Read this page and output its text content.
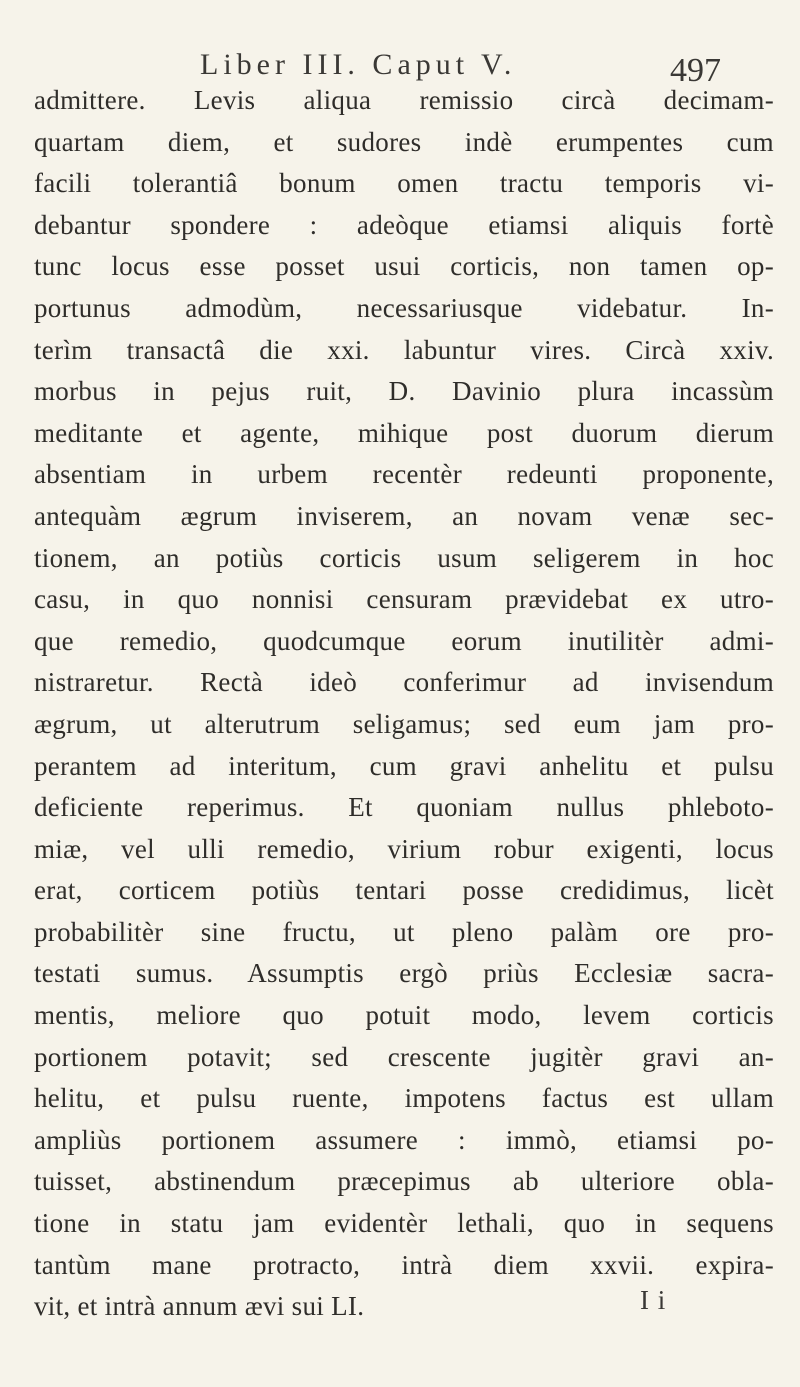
Liber III. Caput V.	497
admittere. Levis aliqua remissio circà decimam-
quartam diem, et sudores indè erumpentes cum
facili tolerantiâ bonum omen tractu temporis vi-
debantur spondere : adeòque etiamsi aliquis fortè
tunc locus esse posset usui corticis, non tamen op-
portunus admodùm, necessariusque videbatur. In-
terìm transactâ die xxi. labuntur vires. Circà xxiv.
morbus in pejus ruit, D. Davinio plura incassùm
meditante et agente, mihique post duorum dierum
absentiam in urbem recentèr redeunti proponente,
antequàm ægrum inviserem, an novam venæ sec-
tionem, an potiùs corticis usum seligerem in hoc
casu, in quo nonnisi censuram prævidebat ex utro-
que remedio, quodcumque eorum inutilitèr admi-
nistraretur. Rectà ideò conferimur ad invisendum
ægrum, ut alterutrum seligamus; sed eum jam pro-
perantem ad interitum, cum gravi anhelitu et pulsu
deficiente reperimus. Et quoniam nullus phleboto-
miæ, vel ulli remedio, virium robur exigenti, locus
erat, corticem potiùs tentari posse credidimus, licèt
probabilitèr sine fructu, ut pleno palàm ore pro-
testati sumus. Assumptis ergò priùs Ecclesiæ sacra-
mentis, meliore quo potuit modo, levem corticis
portionem potavit; sed crescente jugitèr gravi an-
helitu, et pulsu ruente, impotens factus est ullam
ampliùs portionem assumere : immò, etiamsi po-
tuisset, abstinendum præcepimus ab ulteriore obla-
tione in statu jam evidentèr lethali, quo in sequens
tantùm mane protracto, intrà diem xxvii. expira-
vit, et intrà annum ævi sui LI.	I i
